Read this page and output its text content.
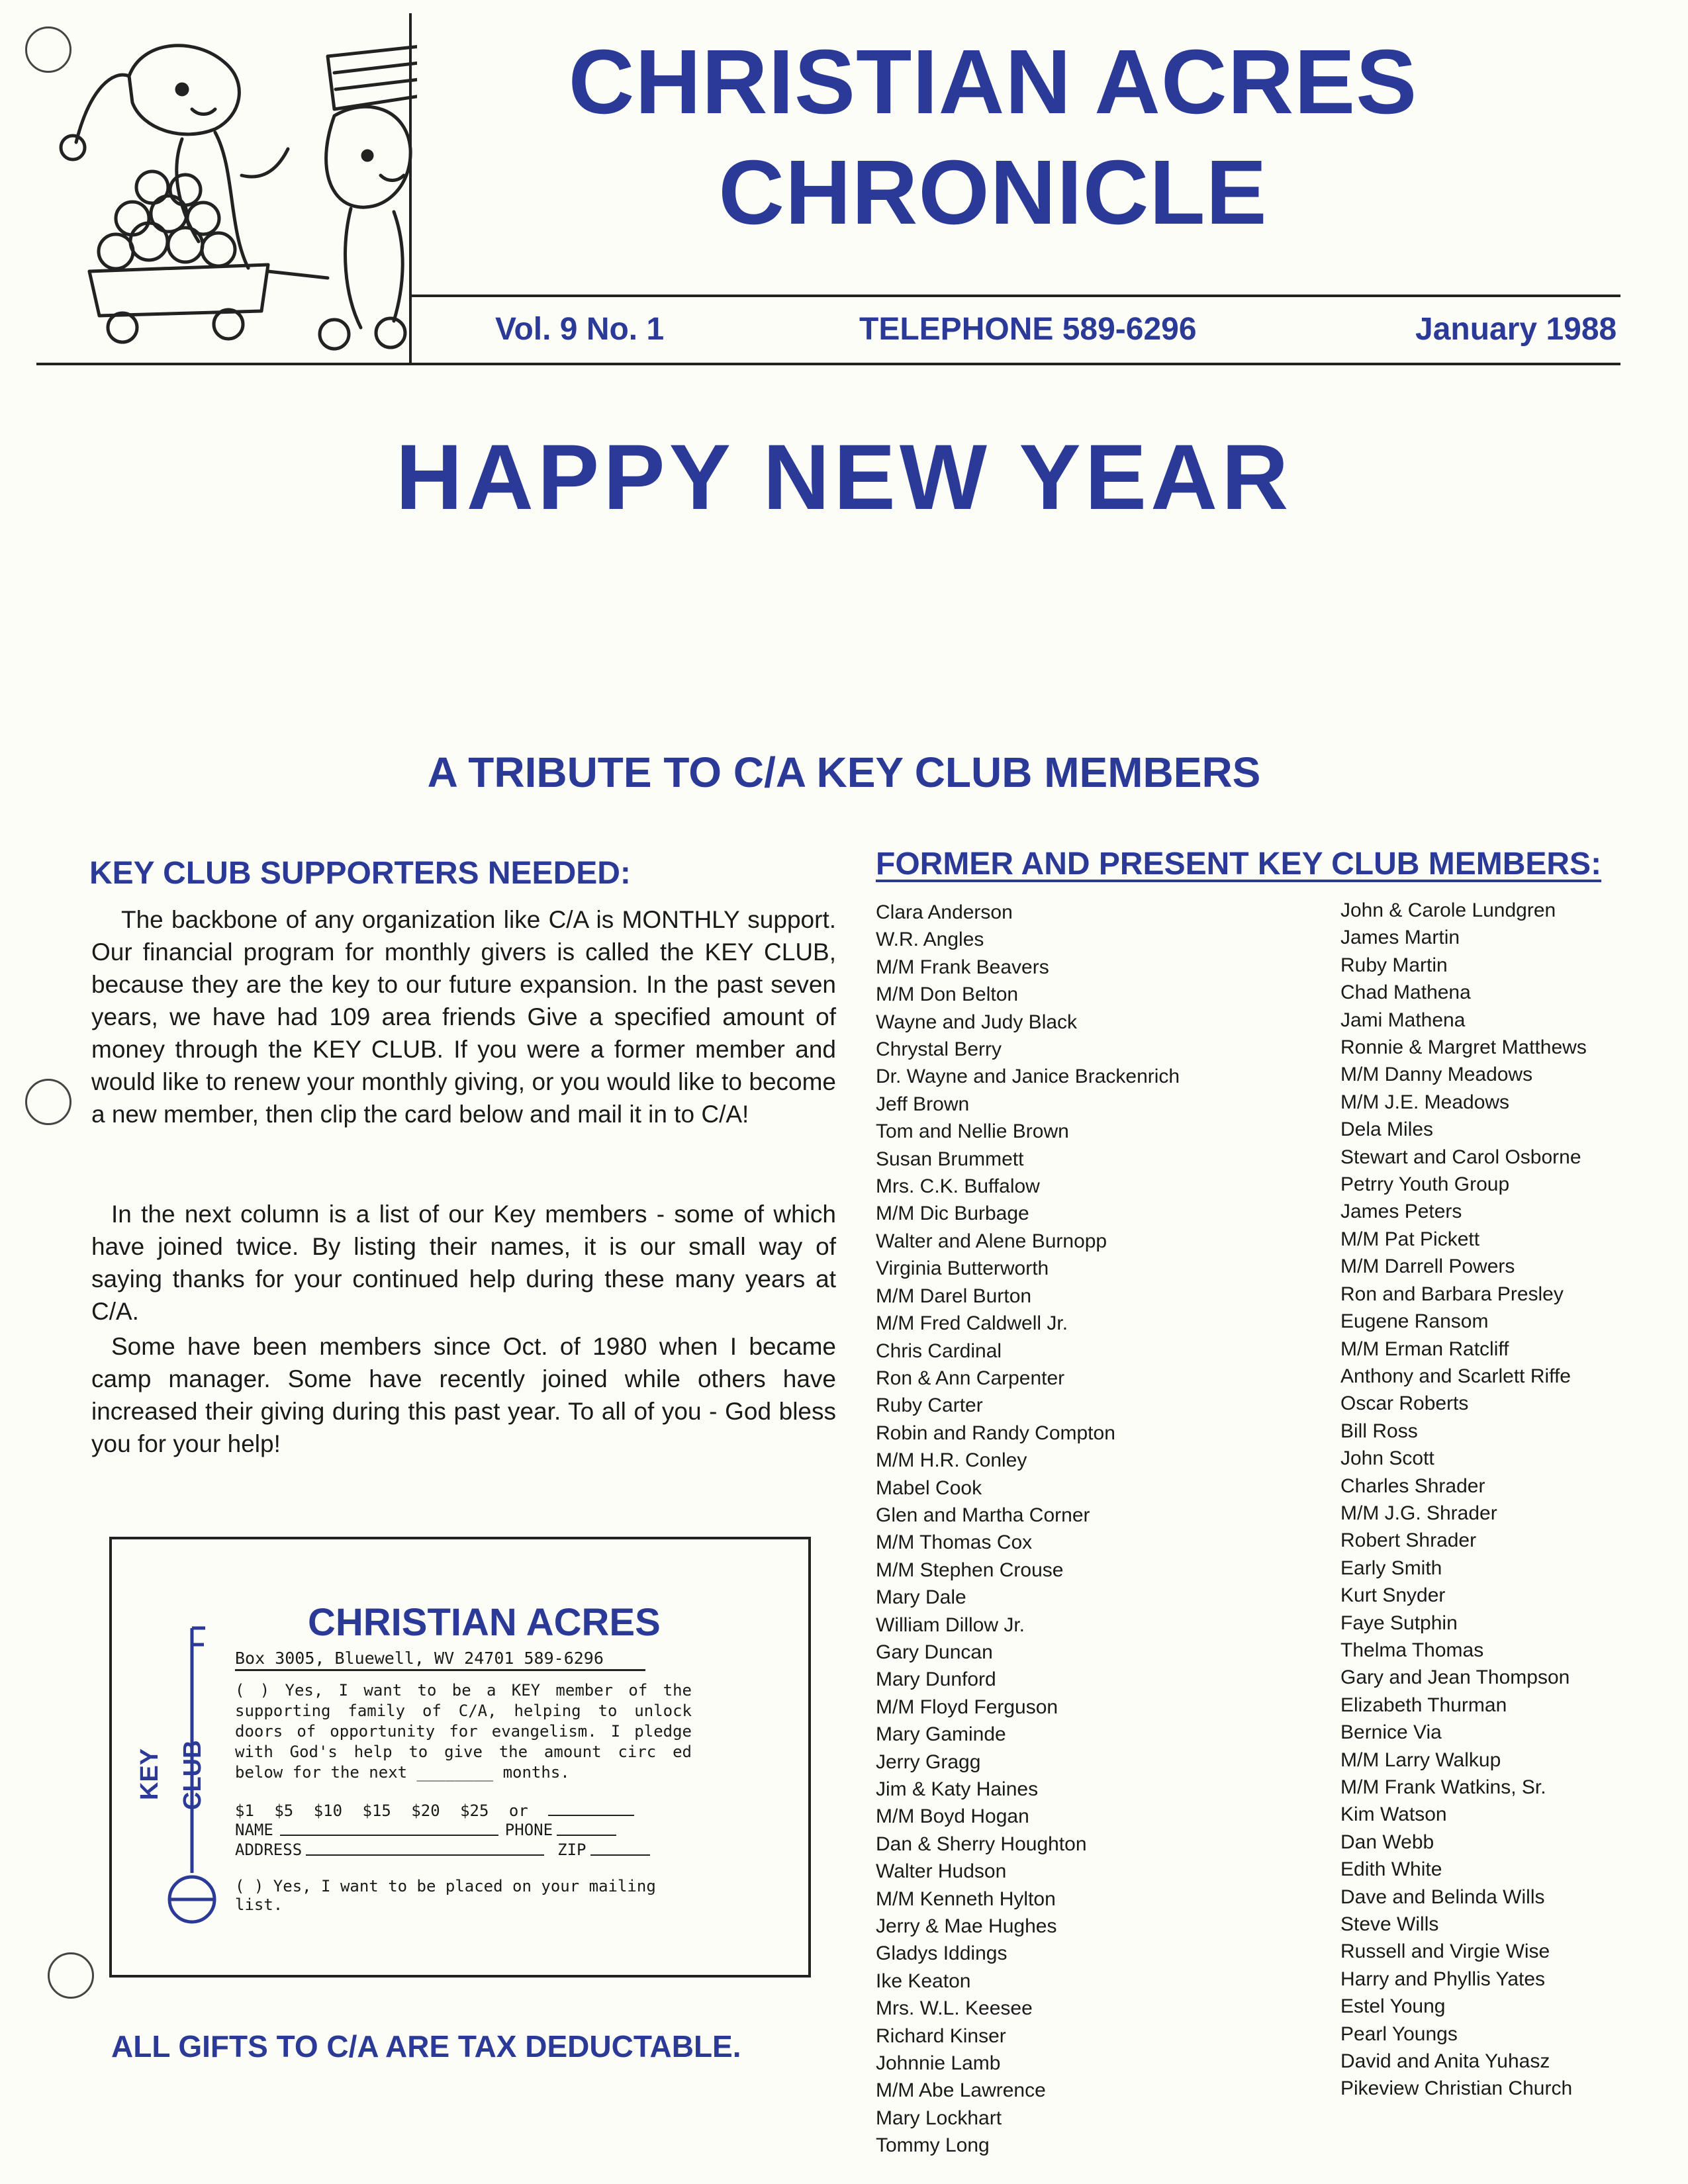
CHRISTIAN ACRES
CHRONICLE
Vol. 9 No. 1	TELEPHONE 589-6296	January 1988
HAPPY NEW YEAR
A TRIBUTE TO C/A KEY CLUB MEMBERS
KEY CLUB SUPPORTERS NEEDED:

The backbone of any organization like C/A is MONTHLY support. Our financial program for monthly givers is called the KEY CLUB, because they are the key to our future expansion. In the past seven years, we have had 109 area friends Give a specified amount of money through the KEY CLUB. If you were a former member and would like to renew your monthly giving, or you would like to become a new member, then clip the card below and mail it in to C/A!

In the next column is a list of our Key members - some of which have joined twice. By listing their names, it is our small way of saying thanks for your continued help during these many years at C/A.

Some have been members since Oct. of 1980 when I became camp manager. Some have recently joined while others have increased their giving during this past year. To all of you - God bless you for your help!

KEY CLUB
CHRISTIAN ACRES
Box 3005, Bluewell, WV 24701 589-6296

( ) Yes, I want to be a KEY member of the supporting family of C/A, helping to unlock doors of opportunity for evangelism. I pledge with God's help to give the amount circ ed below for the next ________ months.

$1 $5 $10 $15 $20 $25 or
NAME	PHONE
ADDRESS	ZIP
( ) Yes, I want to be placed on your mailing list.
ALL GIFTS TO C/A ARE TAX DEDUCTABLE.
FORMER AND PRESENT KEY CLUB MEMBERS:
Clara Anderson
W.R. Angles
M/M Frank Beavers
M/M Don Belton
Wayne and Judy Black
Chrystal Berry
Dr. Wayne and Janice Brackenrich
Jeff Brown
Tom and Nellie Brown
Susan Brummett
Mrs. C.K. Buffalow
M/M Dic Burbage
Walter and Alene Burnopp
Virginia Butterworth
M/M Darel Burton
M/M Fred Caldwell Jr.
Chris Cardinal
Ron & Ann Carpenter
Ruby Carter
Robin and Randy Compton
M/M H.R. Conley
Mabel Cook
Glen and Martha Corner
M/M Thomas Cox
M/M Stephen Crouse
Mary Dale
William Dillow Jr.
Gary Duncan
Mary Dunford
M/M Floyd Ferguson
Mary Gaminde
Jerry Gragg
Jim & Katy Haines
M/M Boyd Hogan
Dan & Sherry Houghton
Walter Hudson
M/M Kenneth Hylton
Jerry & Mae Hughes
Gladys Iddings
Ike Keaton
Mrs. W.L. Keesee
Richard Kinser
Johnnie Lamb
M/M Abe Lawrence
Mary Lockhart
Tommy Long
John & Carole Lundgren
James Martin
Ruby Martin
Chad Mathena
Jami Mathena
Ronnie & Margret Matthews
M/M Danny Meadows
M/M J.E. Meadows
Dela Miles
Stewart and Carol Osborne
Petrry Youth Group
James Peters
M/M Pat Pickett
M/M Darrell Powers
Ron and Barbara Presley
Eugene Ransom
M/M Erman Ratcliff
Anthony and Scarlett Riffe
Oscar Roberts
Bill Ross
John Scott
Charles Shrader
M/M J.G. Shrader
Robert Shrader
Early Smith
Kurt Snyder
Faye Sutphin
Thelma Thomas
Gary and Jean Thompson
Elizabeth Thurman
Bernice Via
M/M Larry Walkup
M/M Frank Watkins, Sr.
Kim Watson
Dan Webb
Edith White
Dave and Belinda Wills
Steve Wills
Russell and Virgie Wise
Harry and Phyllis Yates
Estel Young
Pearl Youngs
David and Anita Yuhasz
Pikeview Christian Church
